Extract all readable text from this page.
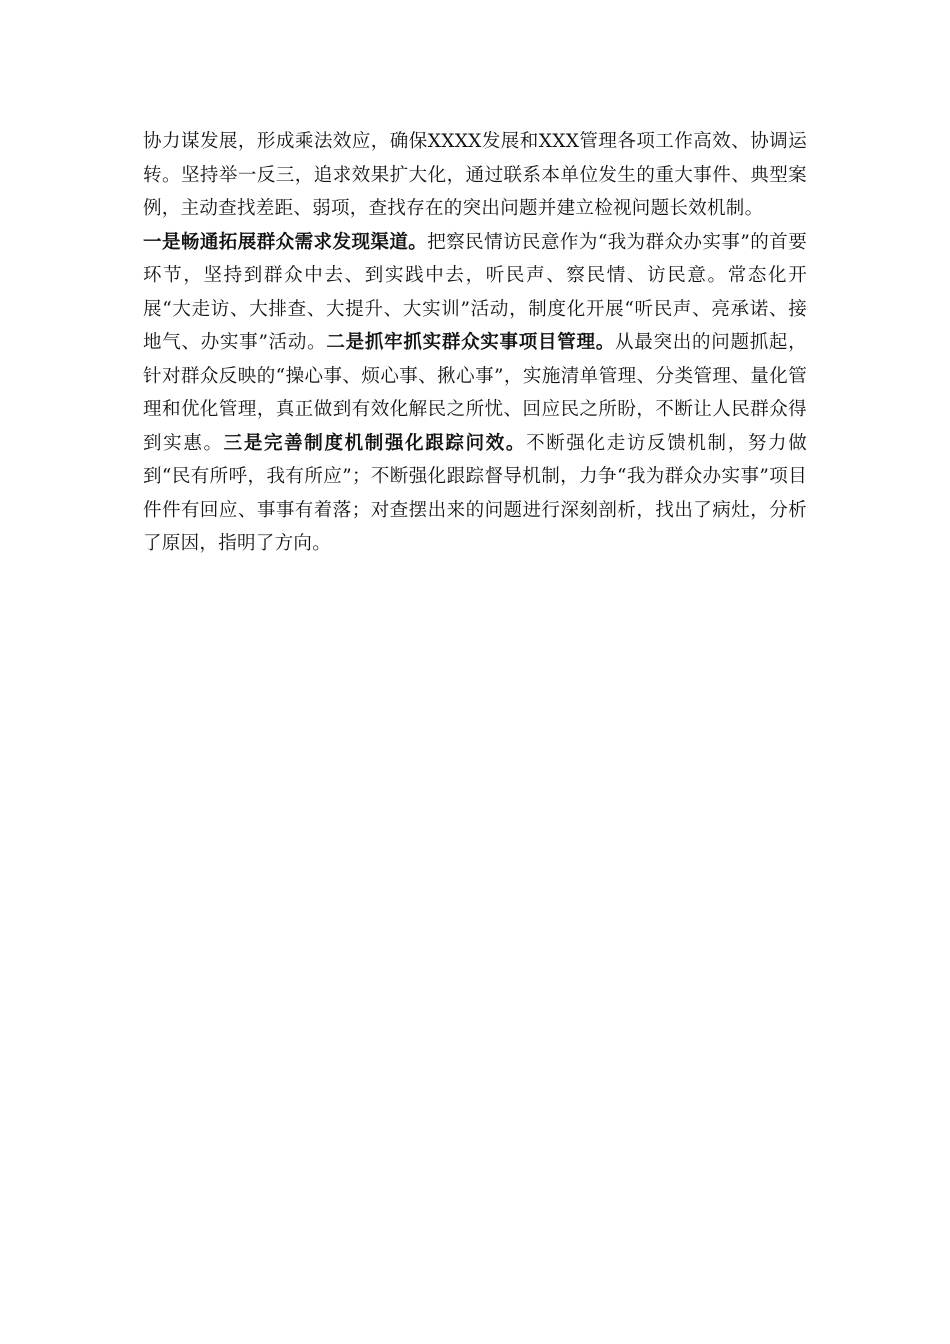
协力谋发展，形成乘法效应，确保XXXX发展和XXX管理各项工作高效、协调运转。坚持举一反三，追求效果扩大化，通过联系本单位发生的重大事件、典型案例，主动查找差距、弱项，查找存在的突出问题并建立检视问题长效机制。

一是畅通拓展群众需求发现渠道。把察民情访民意作为“我为群众办实事”的首要环节，坚持到群众中去、到实践中去，听民声、察民情、访民意。常态化开展“大走访、大排查、大提升、大实训”活动，制度化开展“听民声、亮承诺、接地气、办实事”活动。二是抓牢抓实群众实事项目管理。从最突出的问题抓起，针对群众反映的“操心事、烦心事、揪心事”，实施清单管理、分类管理、量化管理和优化管理，真正做到有效化解民之所忧、回应民之所盼，不断让人民群众得到实惠。三是完善制度机制强化跟踪问效。不断强化走访反馈机制，努力做到“民有所呼，我有所应”；不断强化跟踪督导机制，力争“我为群众办实事”项目件件有回应、事事有着落；对查摆出来的问题进行深刻剖析，找出了病灶，分析了原因，指明了方向。
